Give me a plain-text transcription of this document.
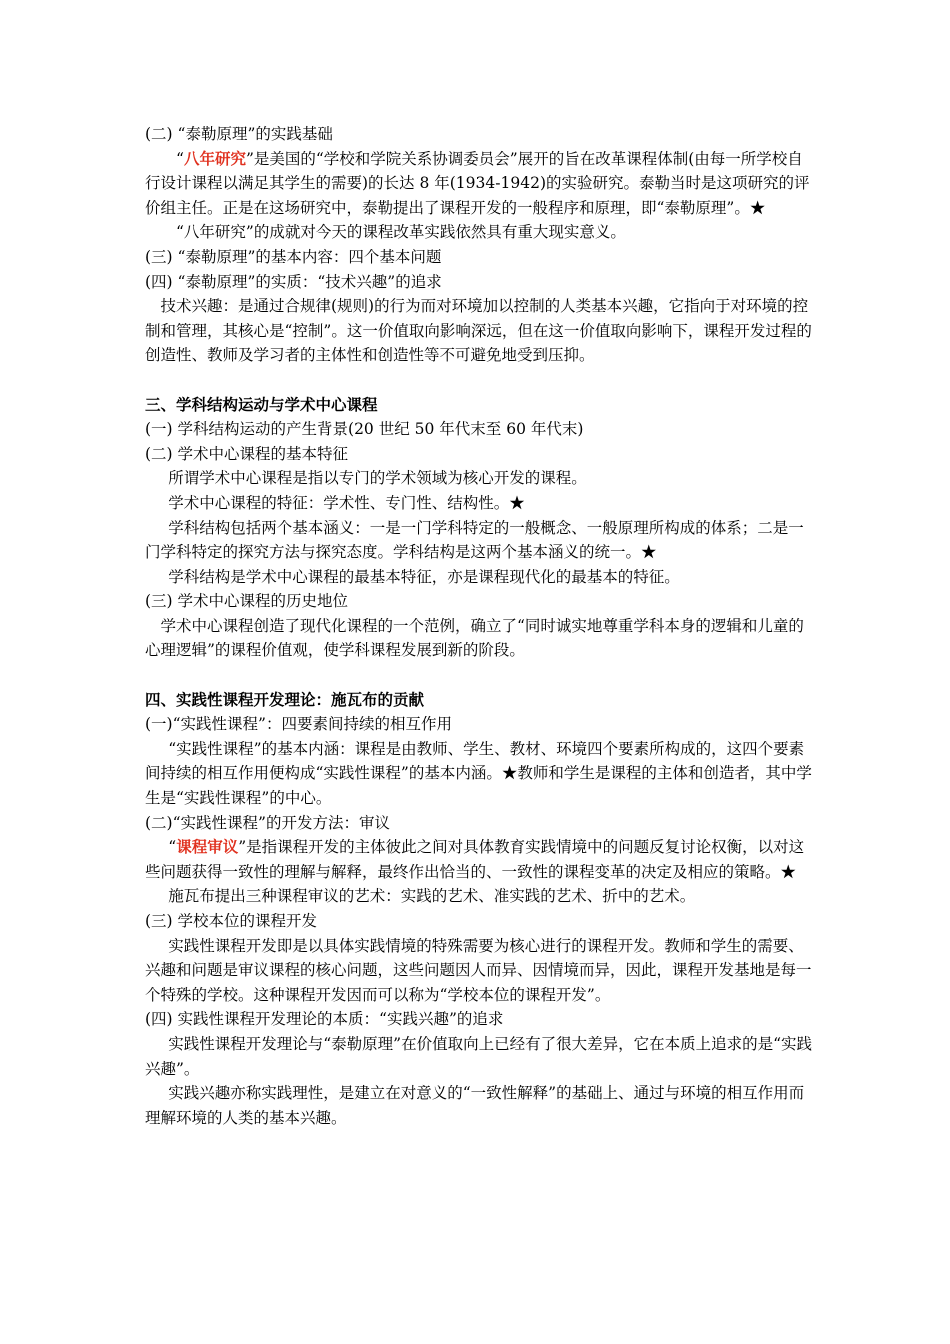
(二) “泰勒原理”的实践基础

“八年研究”是美国的“学校和学院关系协调委员会”展开的旨在改革课程体制(由每一所学校自行设计课程以满足其学生的需要)的长达 8 年(1934-1942)的实验研究。泰勒当时是这项研究的评价组主任。正是在这场研究中，泰勒提出了课程开发的一般程序和原理，即“泰勒原理”。★

“八年研究”的成就对今天的课程改革实践依然具有重大现实意义。

(三) “泰勒原理”的基本内容：四个基本问题

(四) “泰勒原理”的实质：“技术兴趣”的追求

技术兴趣：是通过合规律(规则)的行为而对环境加以控制的人类基本兴趣，它指向于对环境的控制和管理，其核心是“控制”。这一价值取向影响深远，但在这一价值取向影响下，课程开发过程的创造性、教师及学习者的主体性和创造性等不可避免地受到压抑。

三、学科结构运动与学术中心课程

(一) 学科结构运动的产生背景(20 世纪 50 年代末至 60 年代末)

(二) 学术中心课程的基本特征

所谓学术中心课程是指以专门的学术领域为核心开发的课程。

学术中心课程的特征：学术性、专门性、结构性。★

学科结构包括两个基本涵义：一是一门学科特定的一般概念、一般原理所构成的体系；二是一门学科特定的探究方法与探究态度。学科结构是这两个基本涵义的统一。★

学科结构是学术中心课程的最基本特征，亦是课程现代化的最基本的特征。

(三) 学术中心课程的历史地位

学术中心课程创造了现代化课程的一个范例，确立了“同时诚实地尊重学科本身的逻辑和儿童的心理逻辑”的课程价值观，使学科课程发展到新的阶段。

四、实践性课程开发理论：施瓦布的贡献

(一)“实践性课程”：四要素间持续的相互作用

“实践性课程”的基本内涵：课程是由教师、学生、教材、环境四个要素所构成的，这四个要素间持续的相互作用便构成“实践性课程”的基本内涵。★教师和学生是课程的主体和创造者，其中学生是“实践性课程”的中心。

(二)“实践性课程”的开发方法：审议

“课程审议”是指课程开发的主体彼此之间对具体教育实践情境中的问题反复讨论权衡，以对这些问题获得一致性的理解与解释，最终作出恰当的、一致性的课程变革的决定及相应的策略。★

施瓦布提出三种课程审议的艺术：实践的艺术、准实践的艺术、折中的艺术。

(三) 学校本位的课程开发

实践性课程开发即是以具体实践情境的特殊需要为核心进行的课程开发。教师和学生的需要、兴趣和问题是审议课程的核心问题，这些问题因人而异、因情境而异，因此，课程开发基地是每一个特殊的学校。这种课程开发因而可以称为“学校本位的课程开发”。

(四) 实践性课程开发理论的本质：“实践兴趣”的追求

实践性课程开发理论与“泰勒原理”在价值取向上已经有了很大差异，它在本质上追求的是“实践兴趣”。

实践兴趣亦称实践理性，是建立在对意义的“一致性解释”的基础上、通过与环境的相互作用而理解环境的人类的基本兴趣。
